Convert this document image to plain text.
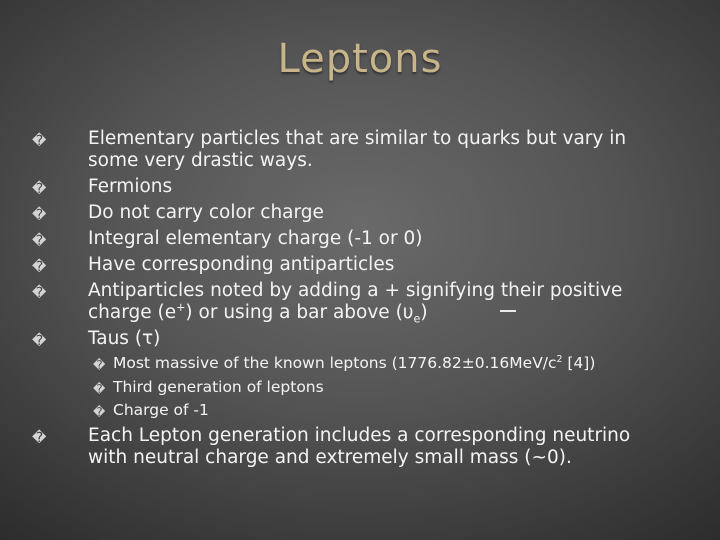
Leptons
� Elementary particles that are similar to quarks but vary in some very drastic ways.
� Fermions
� Do not carry color charge
� Integral elementary charge (-1 or 0)
� Have corresponding antiparticles
� Antiparticles noted by adding a + signifying their positive charge (e+) or using a bar above $(\upsilon_e)$
� Taus (τ)
� Most massive of the known leptons ($1776.82\pm 0.16MeV/c^2$ [4])
� Third generation of leptons
� Charge of -1
� Each Lepton generation includes a corresponding neutrino with neutral charge and extremely small mass (~0).
